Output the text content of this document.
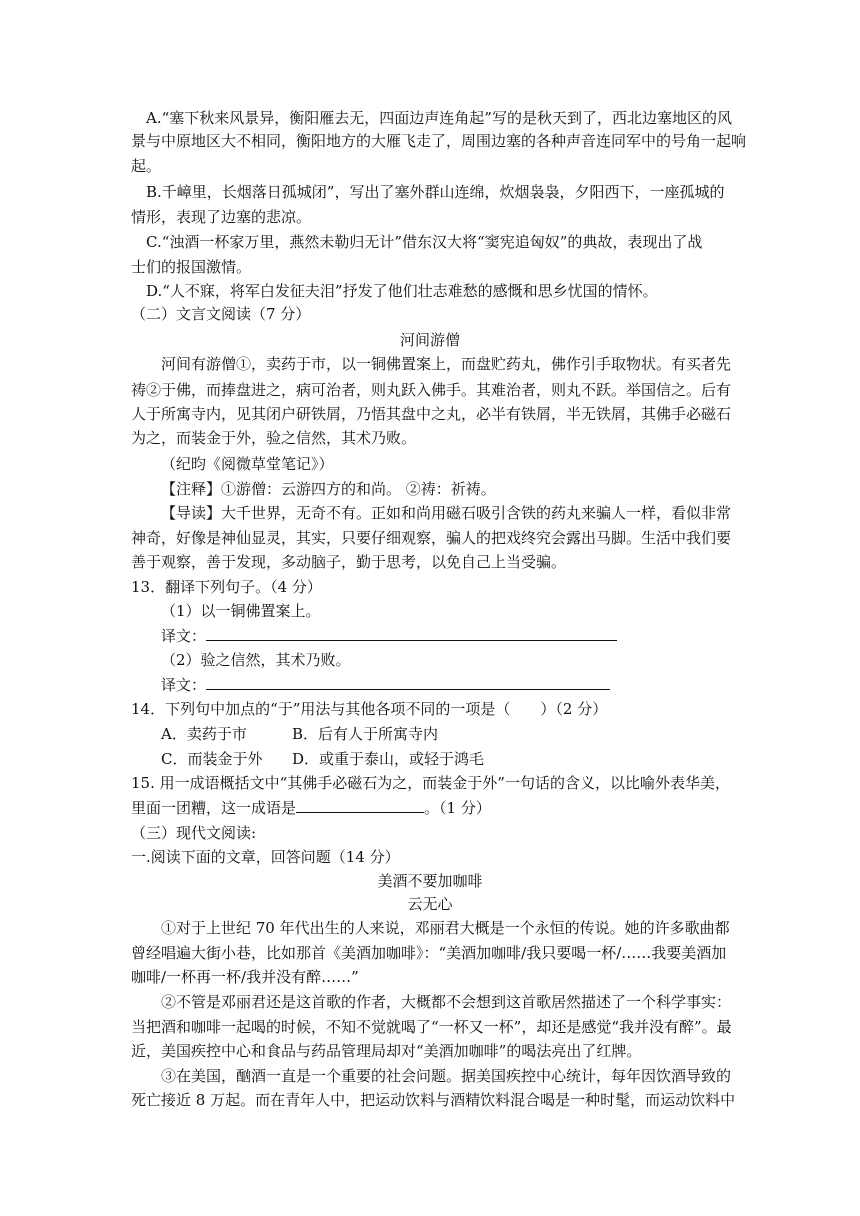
A.“塞下秋来风景异，衡阳雁去无，四面边声连角起”写的是秋天到了，西北边塞地区的风
景与中原地区大不相同，衡阳地方的大雁飞走了，周围边塞的各种声音连同军中的号角一起响
起。
B.千嶂里，长烟落日孤城闭”，写出了塞外群山连绵，炊烟袅袅，夕阳西下，一座孤城的
情形，表现了边塞的悲凉。
C.“浊酒一杯家万里，燕然未勒归无计”借东汉大将“窦宪追匈奴”的典故，表现出了战
士们的报国激情。
D.“人不寐，将军白发征夫泪”抒发了他们壮志难愁的感慨和思乡忧国的情怀。
（二）文言文阅读（7 分）
河间游僧
河间有游僧①，卖药于市，以一铜佛置案上，而盘贮药丸，佛作引手取物状。有买者先
祷②于佛，而捧盘进之，病可治者，则丸跃入佛手。其难治者，则丸不跃。举国信之。后有
人于所寓寺内，见其闭户研铁屑，乃悟其盘中之丸，必半有铁屑，半无铁屑，其佛手必磁石
为之，而装金于外，验之信然，其术乃败。
（纪昀《阅微草堂笔记》）
【注释】①游僧：云游四方的和尚。 ②祷：祈祷。
【导读】大千世界，无奇不有。正如和尚用磁石吸引含铁的药丸来骗人一样，看似非常
神奇，好像是神仙显灵，其实，只要仔细观察，骗人的把戏终究会露出马脚。生活中我们要
善于观察，善于发现，多动脑子，勤于思考，以免自己上当受骗。
13．翻译下列句子。（4 分）
（1）以一铜佛置案上。
译文：
（2）验之信然，其术乃败。
译文：
14．下列句中加点的“于”用法与其他各项不同的一项是（　　）（2 分）
A．卖药于市	B．后有人于所寓寺内
C．而装金于外 D．或重于泰山，或轻于鸿毛
15. 用一成语概括文中“其佛手必磁石为之，而装金于外”一句话的含义，以比喻外表华美，
里面一团糟，这一成语是	。（1 分）
（三）现代文阅读:
一.阅读下面的文章，回答问题（14 分）
美酒不要加咖啡
云无心
①对于上世纪 70 年代出生的人来说，邓丽君大概是一个永恒的传说。她的许多歌曲都
曾经唱遍大街小巷，比如那首《美酒加咖啡》：“美酒加咖啡/我只要喝一杯/……我要美酒加
咖啡/一杯再一杯/我并没有醉……”
②不管是邓丽君还是这首歌的作者，大概都不会想到这首歌居然描述了一个科学事实：
当把酒和咖啡一起喝的时候，不知不觉就喝了“一杯又一杯”，却还是感觉“我并没有醉”。最
近，美国疾控中心和食品与药品管理局却对“美酒加咖啡”的喝法亮出了红牌。
③在美国，酗酒一直是一个重要的社会问题。据美国疾控中心统计，每年因饮酒导致的
死亡接近 8 万起。而在青年人中，把运动饮料与酒精饮料混合喝是一种时髦，而运动饮料中
